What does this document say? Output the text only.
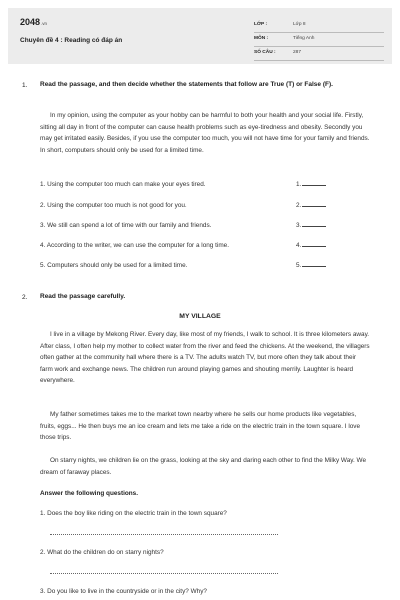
2048.vn
Chuyên đề 4 : Reading có đáp án
LỚP :	Lớp 8
MÔN :	Tiếng Anh
SỐ CÂU :	287
1. Read the passage, and then decide whether the statements that follow are True (T) or False (F).
In my opinion, using the computer as your hobby can be harmful to both your health and your social life. Firstly, sitting all day in front of the computer can cause health problems such as eye-tiredness and obesity. Secondly you may get irritated easily. Besides, if you use the computer too much, you will not have time for your family and friends. In short, computers should only be used for a limited time.
1. Using the computer too much can make your eyes tired.	1.
2. Using the computer too much is not good for you.	2.
3. We still can spend a lot of time with our family and friends.	3.
4. According to the writer, we can use the computer for a long time.	4.
5. Computers should only be used for a limited time.	5.
2. Read the passage carefully.
MY VILLAGE
I live in a village by Mekong River. Every day, like most of my friends, I walk to school. It is three kilometers away. After class, I often help my mother to collect water from the river and feed the chickens. At the weekend, the villagers often gather at the community hall where there is a TV. The adults watch TV, but more often they talk about their farm work and exchange news. The children run around playing games and shouting merrily. Laughter is heard everywhere.
My father sometimes takes me to the market town nearby where he sells our home products like vegetables, fruits, eggs... He then buys me an ice cream and lets me take a ride on the electric train in the town square. I love those trips.
On starry nights, we children lie on the grass, looking at the sky and daring each other to find the Milky Way. We dream of faraway places.
Answer the following questions.
1. Does the boy like riding on the electric train in the town square?
2. What do the children do on starry nights?
3. Do you like to live in the countryside or in the city? Why?
